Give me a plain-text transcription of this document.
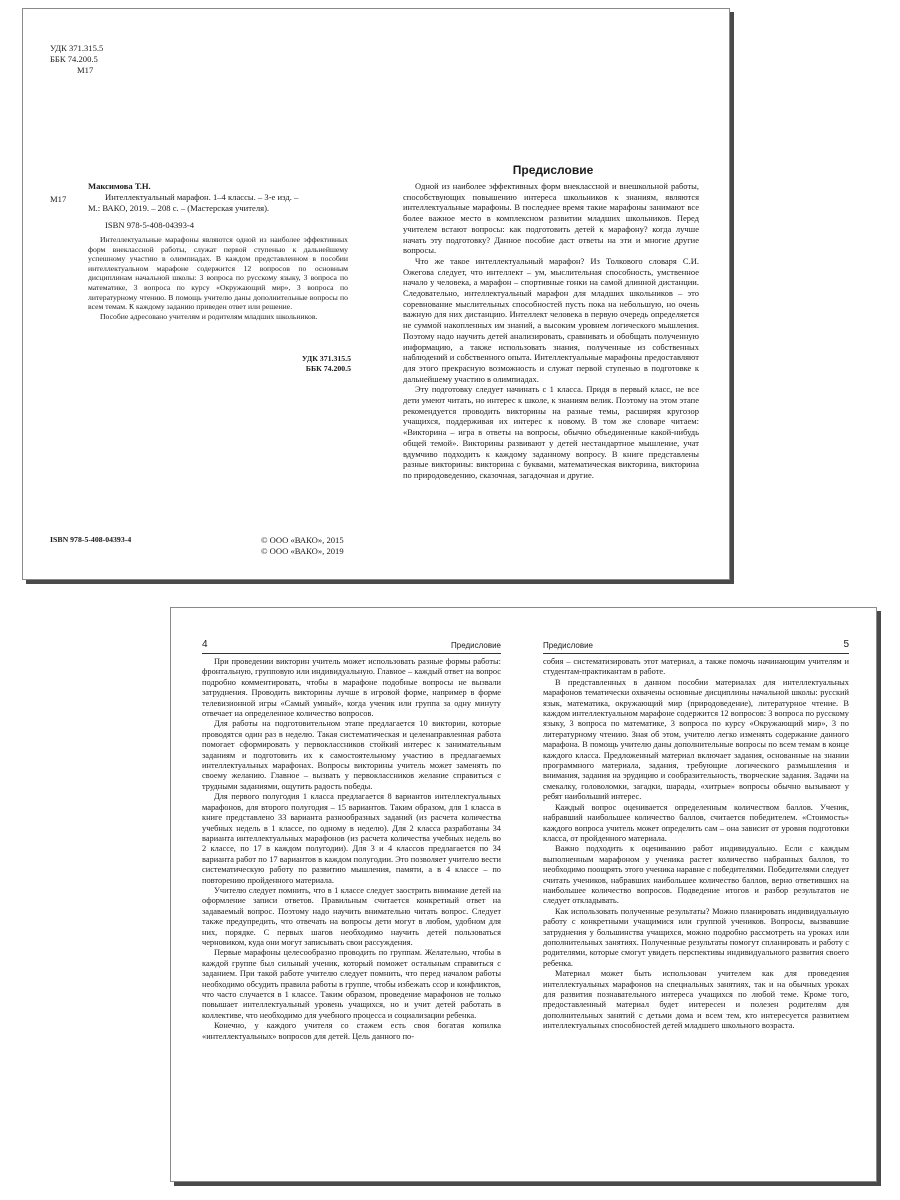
УДК 371.315.5
ББК 74.200.5
М17
Максимова Т.Н.
М17	Интеллектуальный марафон. 1–4 классы. – 3-е изд. –
М.: ВАКО, 2019. – 208 с. – (Мастерская учителя).
ISBN 978-5-408-04393-4

Интеллектуальные марафоны являются одной из наиболее эффективных форм внеклассной работы, служат первой ступенью к дальнейшему успешному участию в олимпиадах. В каждом представленном в пособии интеллектуальном марафоне содержится 12 вопросов по основным дисциплинам начальной школы: 3 вопроса по русскому языку, 3 вопроса по математике, 3 вопроса по курсу «Окружающий мир», 3 вопроса по литературному чтению. В помощь учителю даны дополнительные вопросы по всем темам. К каждому заданию приведен ответ или решение.

Пособие адресовано учителям и родителям младших школьников.

УДК 371.315.5
ББК 74.200.5
ISBN 978-5-408-04393-4	© ООО «ВАКО», 2015
© ООО «ВАКО», 2019
Предисловие

Одной из наиболее эффективных форм внеклассной и внешкольной работы, способствующих повышению интереса школьников к знаниям, являются интеллектуальные марафоны. В последнее время такие марафоны занимают все более важное место в комплексном развитии младших школьников. Перед учителем встают вопросы: как подготовить детей к марафону? когда лучше начать эту подготовку? Данное пособие даст ответы на эти и многие другие вопросы.

Что же такое интеллектуальный марафон? Из Толкового словаря С.И. Ожегова следует, что интеллект – ум, мыслительная способность, умственное начало у человека, а марафон – спортивные гонки на самой длинной дистанции. Следовательно, интеллектуальный марафон для младших школьников – это соревнование мыслительных способностей пусть пока на небольшую, но очень важную для них дистанцию. Интеллект человека в первую очередь определяется не суммой накопленных им знаний, а высоким уровнем логического мышления. Поэтому надо научить детей анализировать, сравнивать и обобщать полученную информацию, а также использовать знания, полученные из собственных наблюдений и собственного опыта. Интеллектуальные марафоны предоставляют для этого прекрасную возможность и служат первой ступенью в подготовке к дальнейшему участию в олимпиадах.

Эту подготовку следует начинать с 1 класса. Придя в первый класс, не все дети умеют читать, но интерес к школе, к знаниям велик. Поэтому на этом этапе рекомендуется проводить викторины на разные темы, расширяя кругозор учащихся, поддерживая их интерес к новому. В том же словаре читаем: «Викторина – игра в ответы на вопросы, обычно объединенные какой-нибудь общей темой». Викторины развивают у детей нестандартное мышление, учат вдумчиво подходить к каждому заданному вопросу. В книге представлены разные викторины: викторина с буквами, математическая викторина, викторина по природоведению, сказочная, загадочная и другие.

4	Предисловие	Предисловие	5

При проведении викторин учитель может использовать разные формы работы: фронтальную, групповую или индивидуальную. Главное – каждый ответ на вопрос подробно комментировать, чтобы в марафоне подобные вопросы не вызвали затруднения. Проводить викторины лучше в игровой форме, например в форме телевизионной игры «Самый умный», когда ученик или группа за одну минуту отвечает на определенное количество вопросов.

Для работы на подготовительном этапе предлагается 10 викторин, которые проводятся один раз в неделю. Такая систематическая и целенаправленная работа помогает сформировать у первоклассников стойкий интерес к занимательным заданиям и подготовить их к самостоятельному участию в предлагаемых интеллектуальных марафонах. Вопросы викторины учитель может заменять по своему желанию. Главное – вызвать у первоклассников желание справиться с трудными заданиями, ощутить радость победы.

Для первого полугодия 1 класса предлагается 8 вариантов интеллектуальных марафонов, для второго полугодия – 15 вариантов. Таким образом, для 1 класса в книге представлено 33 варианта разнообразных заданий (из расчета количества учебных недель в 1 классе, по одному в неделю). Для 2 класса разработаны 34 варианта интеллектуальных марафонов (из расчета количества учебных недель во 2 классе, по 17 в каждом полугодии). Для 3 и 4 классов предлагается по 34 варианта работ по 17 вариантов в каждом полугодии. Это позволяет учителю вести систематическую работу по развитию мышления, памяти, а в 4 классе – по повторению пройденного материала.

Учителю следует помнить, что в 1 классе следует заострить внимание детей на оформление записи ответов. Правильным считается конкретный ответ на задаваемый вопрос. Поэтому надо научить внимательно читать вопрос. Следует также предупредить, что отвечать на вопросы дети могут в любом, удобном для них, порядке. С первых шагов необходимо научить детей пользоваться черновиком, куда они могут записывать свои рассуждения.

Первые марафоны целесообразно проводить по группам. Желательно, чтобы в каждой группе был сильный ученик, который поможет остальным справиться с заданием. При такой работе учителю следует помнить, что перед началом работы необходимо обсудить правила работы в группе, чтобы избежать ссор и конфликтов, что часто случается в 1 классе. Таким образом, проведение марафонов не только повышает интеллектуальный уровень учащихся, но и учит детей работать в коллективе, что необходимо для учебного процесса и социализации ребенка.

Конечно, у каждого учителя со стажем есть своя богатая копилка «интеллектуальных» вопросов для детей. Цель данного по-

собия – систематизировать этот материал, а также помочь начинающим учителям и студентам-практикантам в работе.

В представленных в данном пособии материалах для интеллектуальных марафонов тематически охвачены основные дисциплины начальной школы: русский язык, математика, окружающий мир (природоведение), литературное чтение. В каждом интеллектуальном марафоне содержится 12 вопросов: 3 вопроса по русскому языку, 3 вопроса по математике, 3 вопроса по курсу «Окружающий мир», 3 по литературному чтению. Зная об этом, учителю легко изменять содержание данного марафона. В помощь учителю даны дополнительные вопросы по всем темам в конце каждого класса. Предложенный материал включает задания, основанные на знании программного материала, задания, требующие логического размышления и внимания, задания на эрудицию и сообразительность, творческие задания. Задачи на смекалку, головоломки, загадки, шарады, «хитрые» вопросы обычно вызывают у ребят наибольший интерес.

Каждый вопрос оценивается определенным количеством баллов. Ученик, набравший наибольшее количество баллов, считается победителем. «Стоимость» каждого вопроса учитель может определить сам – она зависит от уровня подготовки класса, от пройденного материала.

Важно подходить к оцениванию работ индивидуально. Если с каждым выполненным марафоном у ученика растет количество набранных баллов, то необходимо поощрять этого ученика наравне с победителями. Победителями следует считать учеников, набравших наибольшее количество баллов, верно ответивших на наибольшее количество вопросов. Подведение итогов и разбор результатов не следует откладывать.

Как использовать полученные результаты? Можно планировать индивидуальную работу с конкретными учащимися или группой учеников. Вопросы, вызвавшие затруднения у большинства учащихся, можно подробно рассмотреть на уроках или дополнительных занятиях. Полученные результаты помогут спланировать и работу с родителями, которые смогут увидеть перспективы индивидуального развития своего ребенка.

Материал может быть использован учителем как для проведения интеллектуальных марафонов на специальных занятиях, так и на обычных уроках для развития познавательного интереса учащихся по любой теме. Кроме того, предоставленный материал будет интересен и полезен родителям для дополнительных занятий с детьми дома и всем тем, кто интересуется развитием интеллектуальных способностей детей младшего школьного возраста.
